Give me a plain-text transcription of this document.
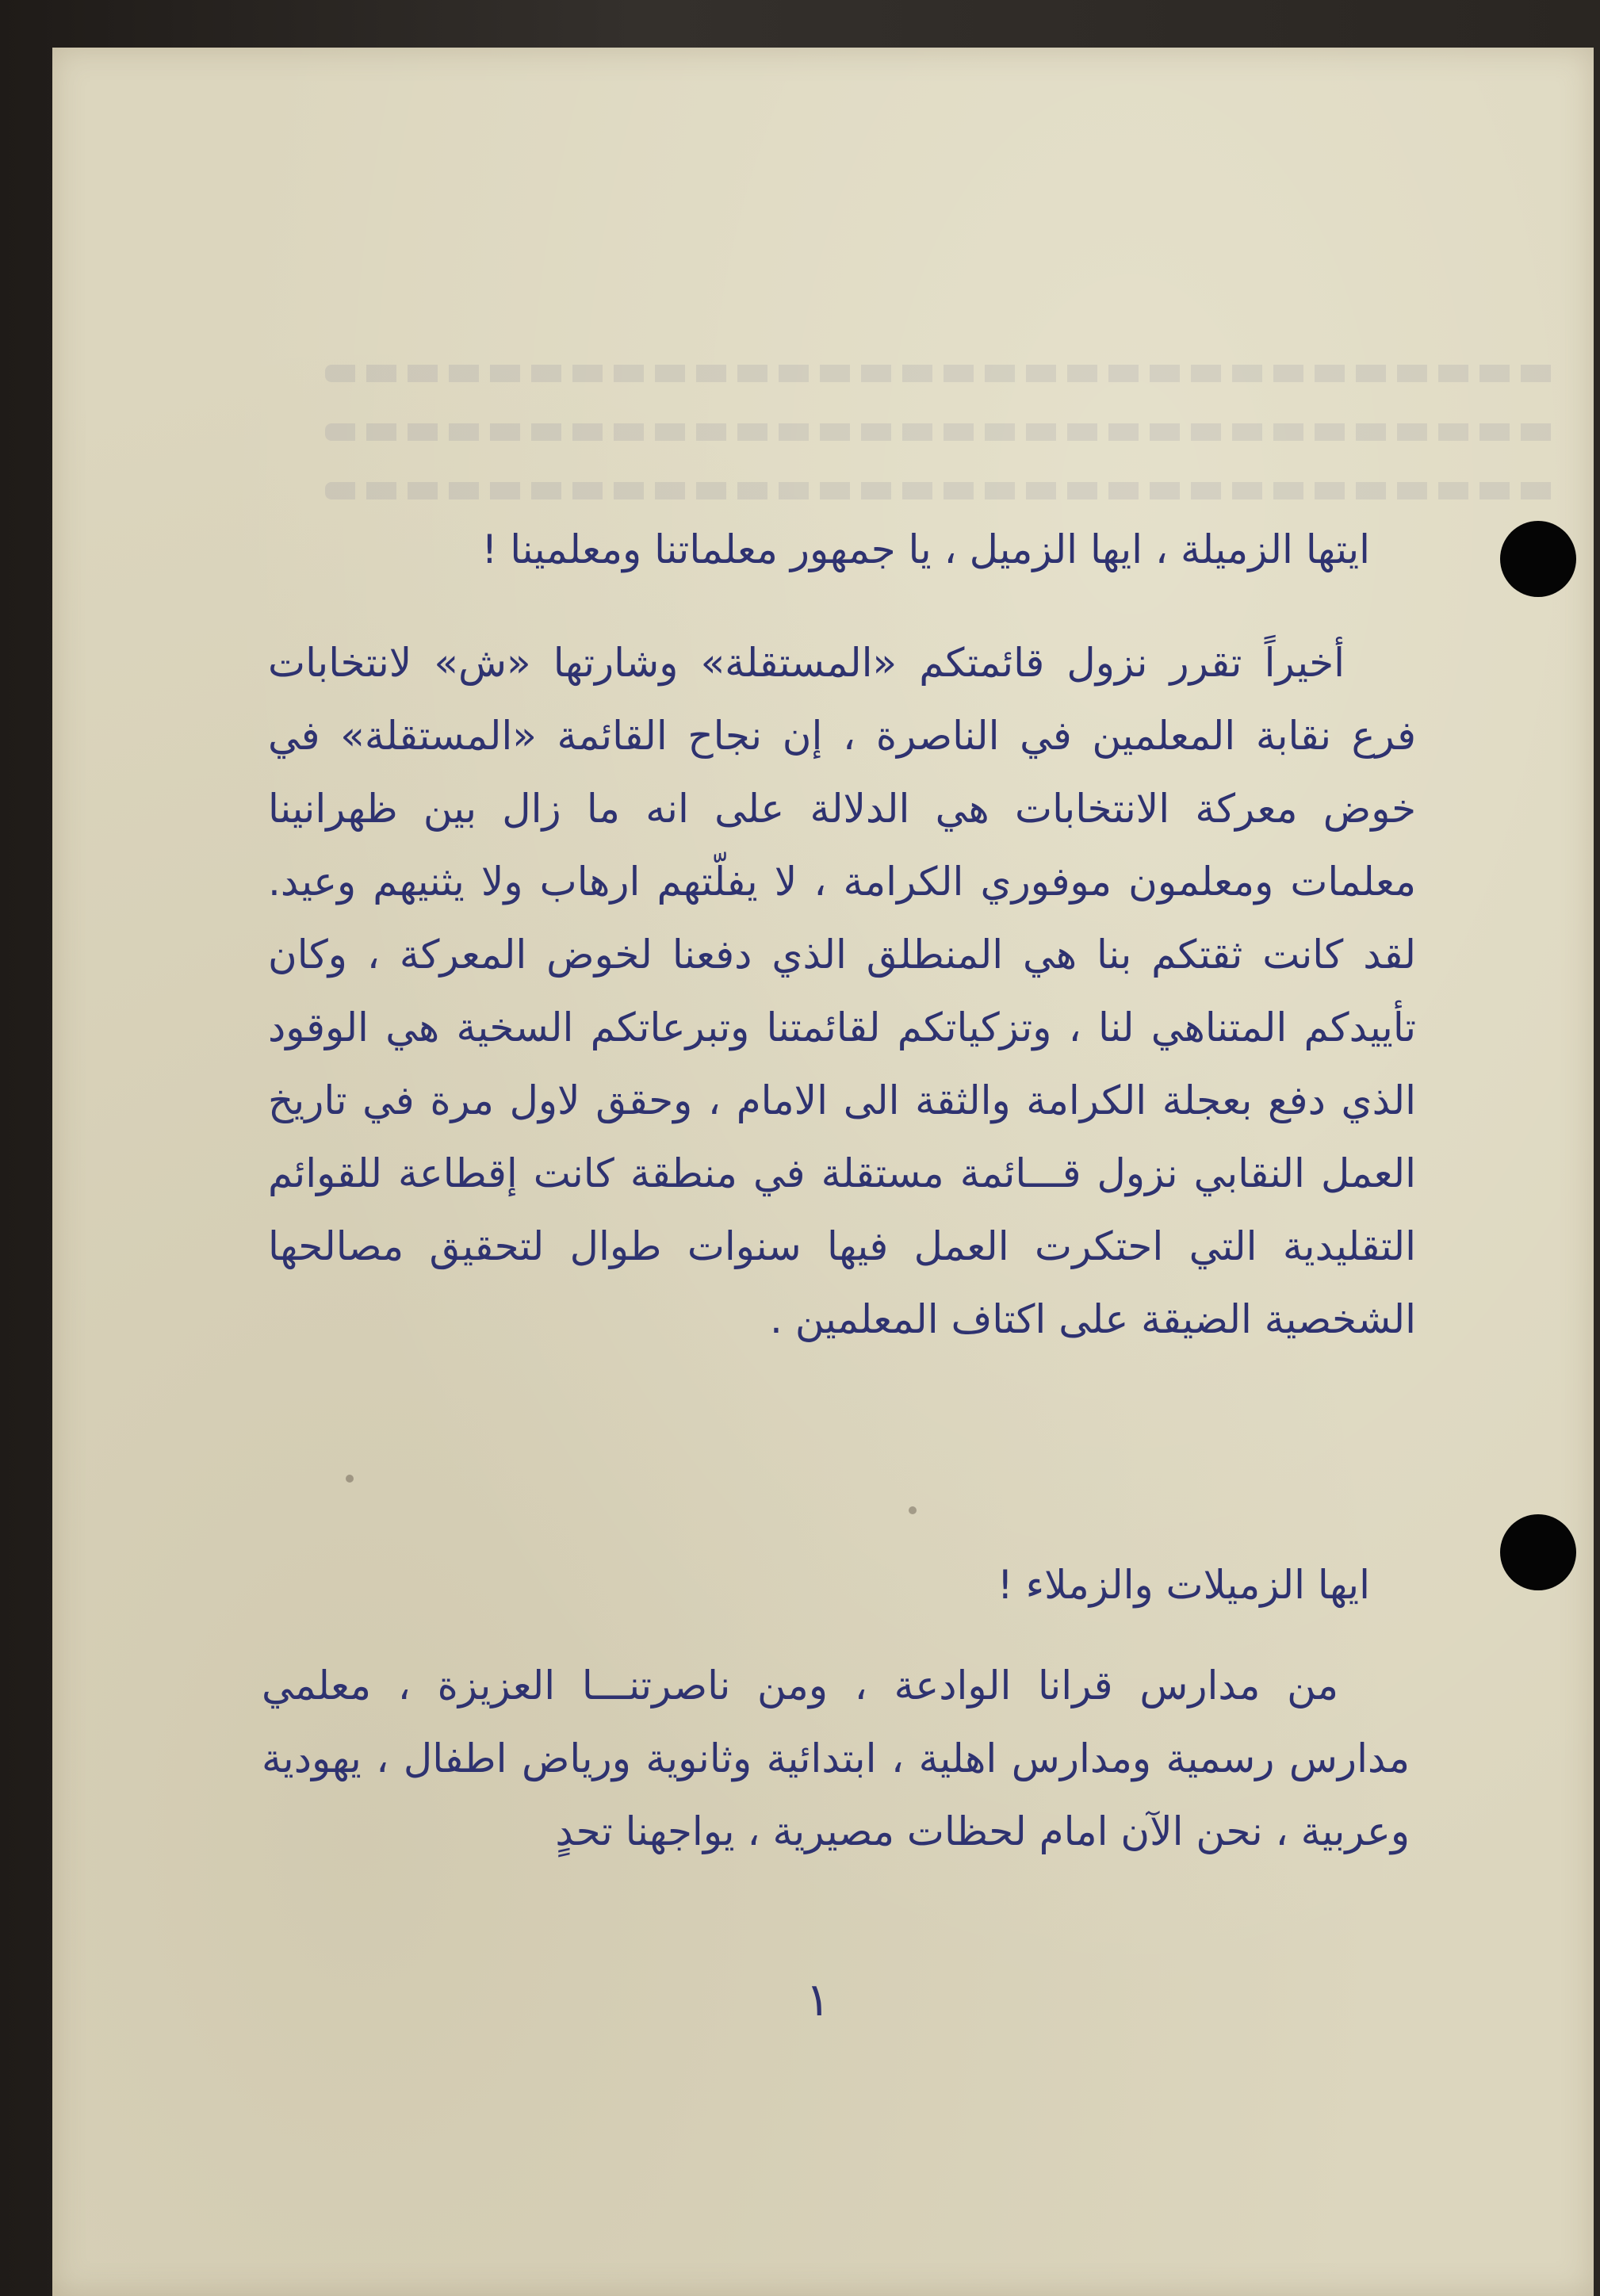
ايتها الزميلة ، ايها الزميل ، يا جمهور معلماتنا ومعلمينا !
أخيراً تقرر نزول قائمتكم «المستقلة» وشارتها «ش» لانتخابات فرع نقابة المعلمين في الناصرة ، إن نجاح القائمة «المستقلة» في خوض معركة الانتخابات هي الدلالة على انه ما زال بين ظهرانينا معلمات ومعلمون موفوري الكرامة ، لا يفلّتهم ارهاب ولا يثنيهم وعيد. لقد كانت ثقتكم بنا هي المنطلق الذي دفعنا لخوض المعركة ، وكان تأييدكم المتناهي لنا ، وتزكياتكم لقائمتنا وتبرعاتكم السخية هي الوقود الذي دفع بعجلة الكرامة والثقة الى الامام ، وحقق لاول مرة في تاريخ العمل النقابي نزول قـــائمة مستقلة في منطقة كانت إقطاعة للقوائم التقليدية التي احتكرت العمل فيها سنوات طوال لتحقيق مصالحها الشخصية الضيقة على اكتاف المعلمين .
ايها الزميلات والزملاء !
من مدارس قرانا الوادعة ، ومن ناصرتنـــا العزيزة ، معلمي مدارس رسمية ومدارس اهلية ، ابتدائية وثانوية ورياض اطفال ، يهودية وعربية ، نحن الآن امام لحظات مصيرية ، يواجهنا تحدٍ
١
